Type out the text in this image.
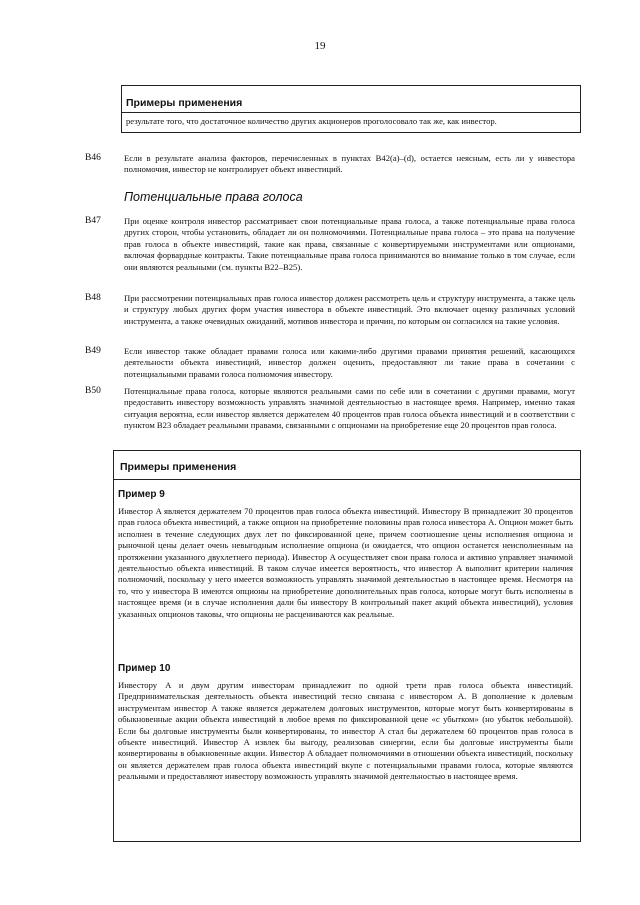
19
Примеры применения
результате того, что достаточное количество других акционеров проголосовало так же, как инвестор.
B46	Если в результате анализа факторов, перечисленных в пунктах B42(a)–(d), остается неясным, есть ли у инвестора полномочия, инвестор не контролирует объект инвестиций.
Потенциальные права голоса
B47	При оценке контроля инвестор рассматривает свои потенциальные права голоса, а также потенциальные права голоса других сторон, чтобы установить, обладает ли он полномочиями. Потенциальные права голоса – это права на получение прав голоса в объекте инвестиций, такие как права, связанные с конвертируемыми инструментами или опционами, включая форвардные контракты. Такие потенциальные права голоса принимаются во внимание только в том случае, если они являются реальными (см. пункты B22–B25).
B48	При рассмотрении потенциальных прав голоса инвестор должен рассмотреть цель и структуру инструмента, а также цель и структуру любых других форм участия инвестора в объекте инвестиций. Это включает оценку различных условий инструмента, а также очевидных ожиданий, мотивов инвестора и причин, по которым он согласился на такие условия.
B49	Если инвестор также обладает правами голоса или какими-либо другими правами принятия решений, касающихся деятельности объекта инвестиций, инвестор должен оценить, предоставляют ли такие права в сочетании с потенциальными правами голоса полномочия инвестору.
B50	Потенциальные права голоса, которые являются реальными сами по себе или в сочетании с другими правами, могут предоставить инвестору возможность управлять значимой деятельностью в настоящее время. Например, именно такая ситуация вероятна, если инвестор является держателем 40 процентов прав голоса объекта инвестиций и в соответствии с пунктом B23 обладает реальными правами, связанными с опционами на приобретение еще 20 процентов прав голоса.
Примеры применения
Пример 9
Инвестор A является держателем 70 процентов прав голоса объекта инвестиций. Инвестору B принадлежит 30 процентов прав голоса объекта инвестиций, а также опцион на приобретение половины прав голоса инвестора A. Опцион может быть исполнен в течение следующих двух лет по фиксированной цене, причем соотношение цены исполнения опциона и рыночной цены делает очень невыгодным исполнение опциона (и ожидается, что опцион останется неисполненным на протяжении указанного двухлетнего периода). Инвестор A осуществляет свои права голоса и активно управляет значимой деятельностью объекта инвестиций. В таком случае имеется вероятность, что инвестор A выполнит критерии наличия полномочий, поскольку у него имеется возможность управлять значимой деятельностью в настоящее время. Несмотря на то, что у инвестора B имеются опционы на приобретение дополнительных прав голоса, которые могут быть исполнены в настоящее время (и в случае исполнения дали бы инвестору B контрольный пакет акций объекта инвестиций), условия указанных опционов таковы, что опционы не расцениваются как реальные.
Пример 10
Инвестору A и двум другим инвесторам принадлежит по одной трети прав голоса объекта инвестиций. Предпринимательская деятельность объекта инвестиций тесно связана с инвестором A. В дополнение к долевым инструментам инвестор A также является держателем долговых инструментов, которые могут быть конвертированы в обыкновенные акции объекта инвестиций в любое время по фиксированной цене «с убытком» (но убыток небольшой). Если бы долговые инструменты были конвертированы, то инвестор A стал бы держателем 60 процентов прав голоса в объекте инвестиций. Инвестор A извлек бы выгоду, реализовав синергии, если бы долговые инструменты были конвертированы в обыкновенные акции. Инвестор A обладает полномочиями в отношении объекта инвестиций, поскольку он является держателем прав голоса объекта инвестиций вкупе с потенциальными правами голоса, которые являются реальными и предоставляют инвестору возможность управлять значимой деятельностью в настоящее время.
